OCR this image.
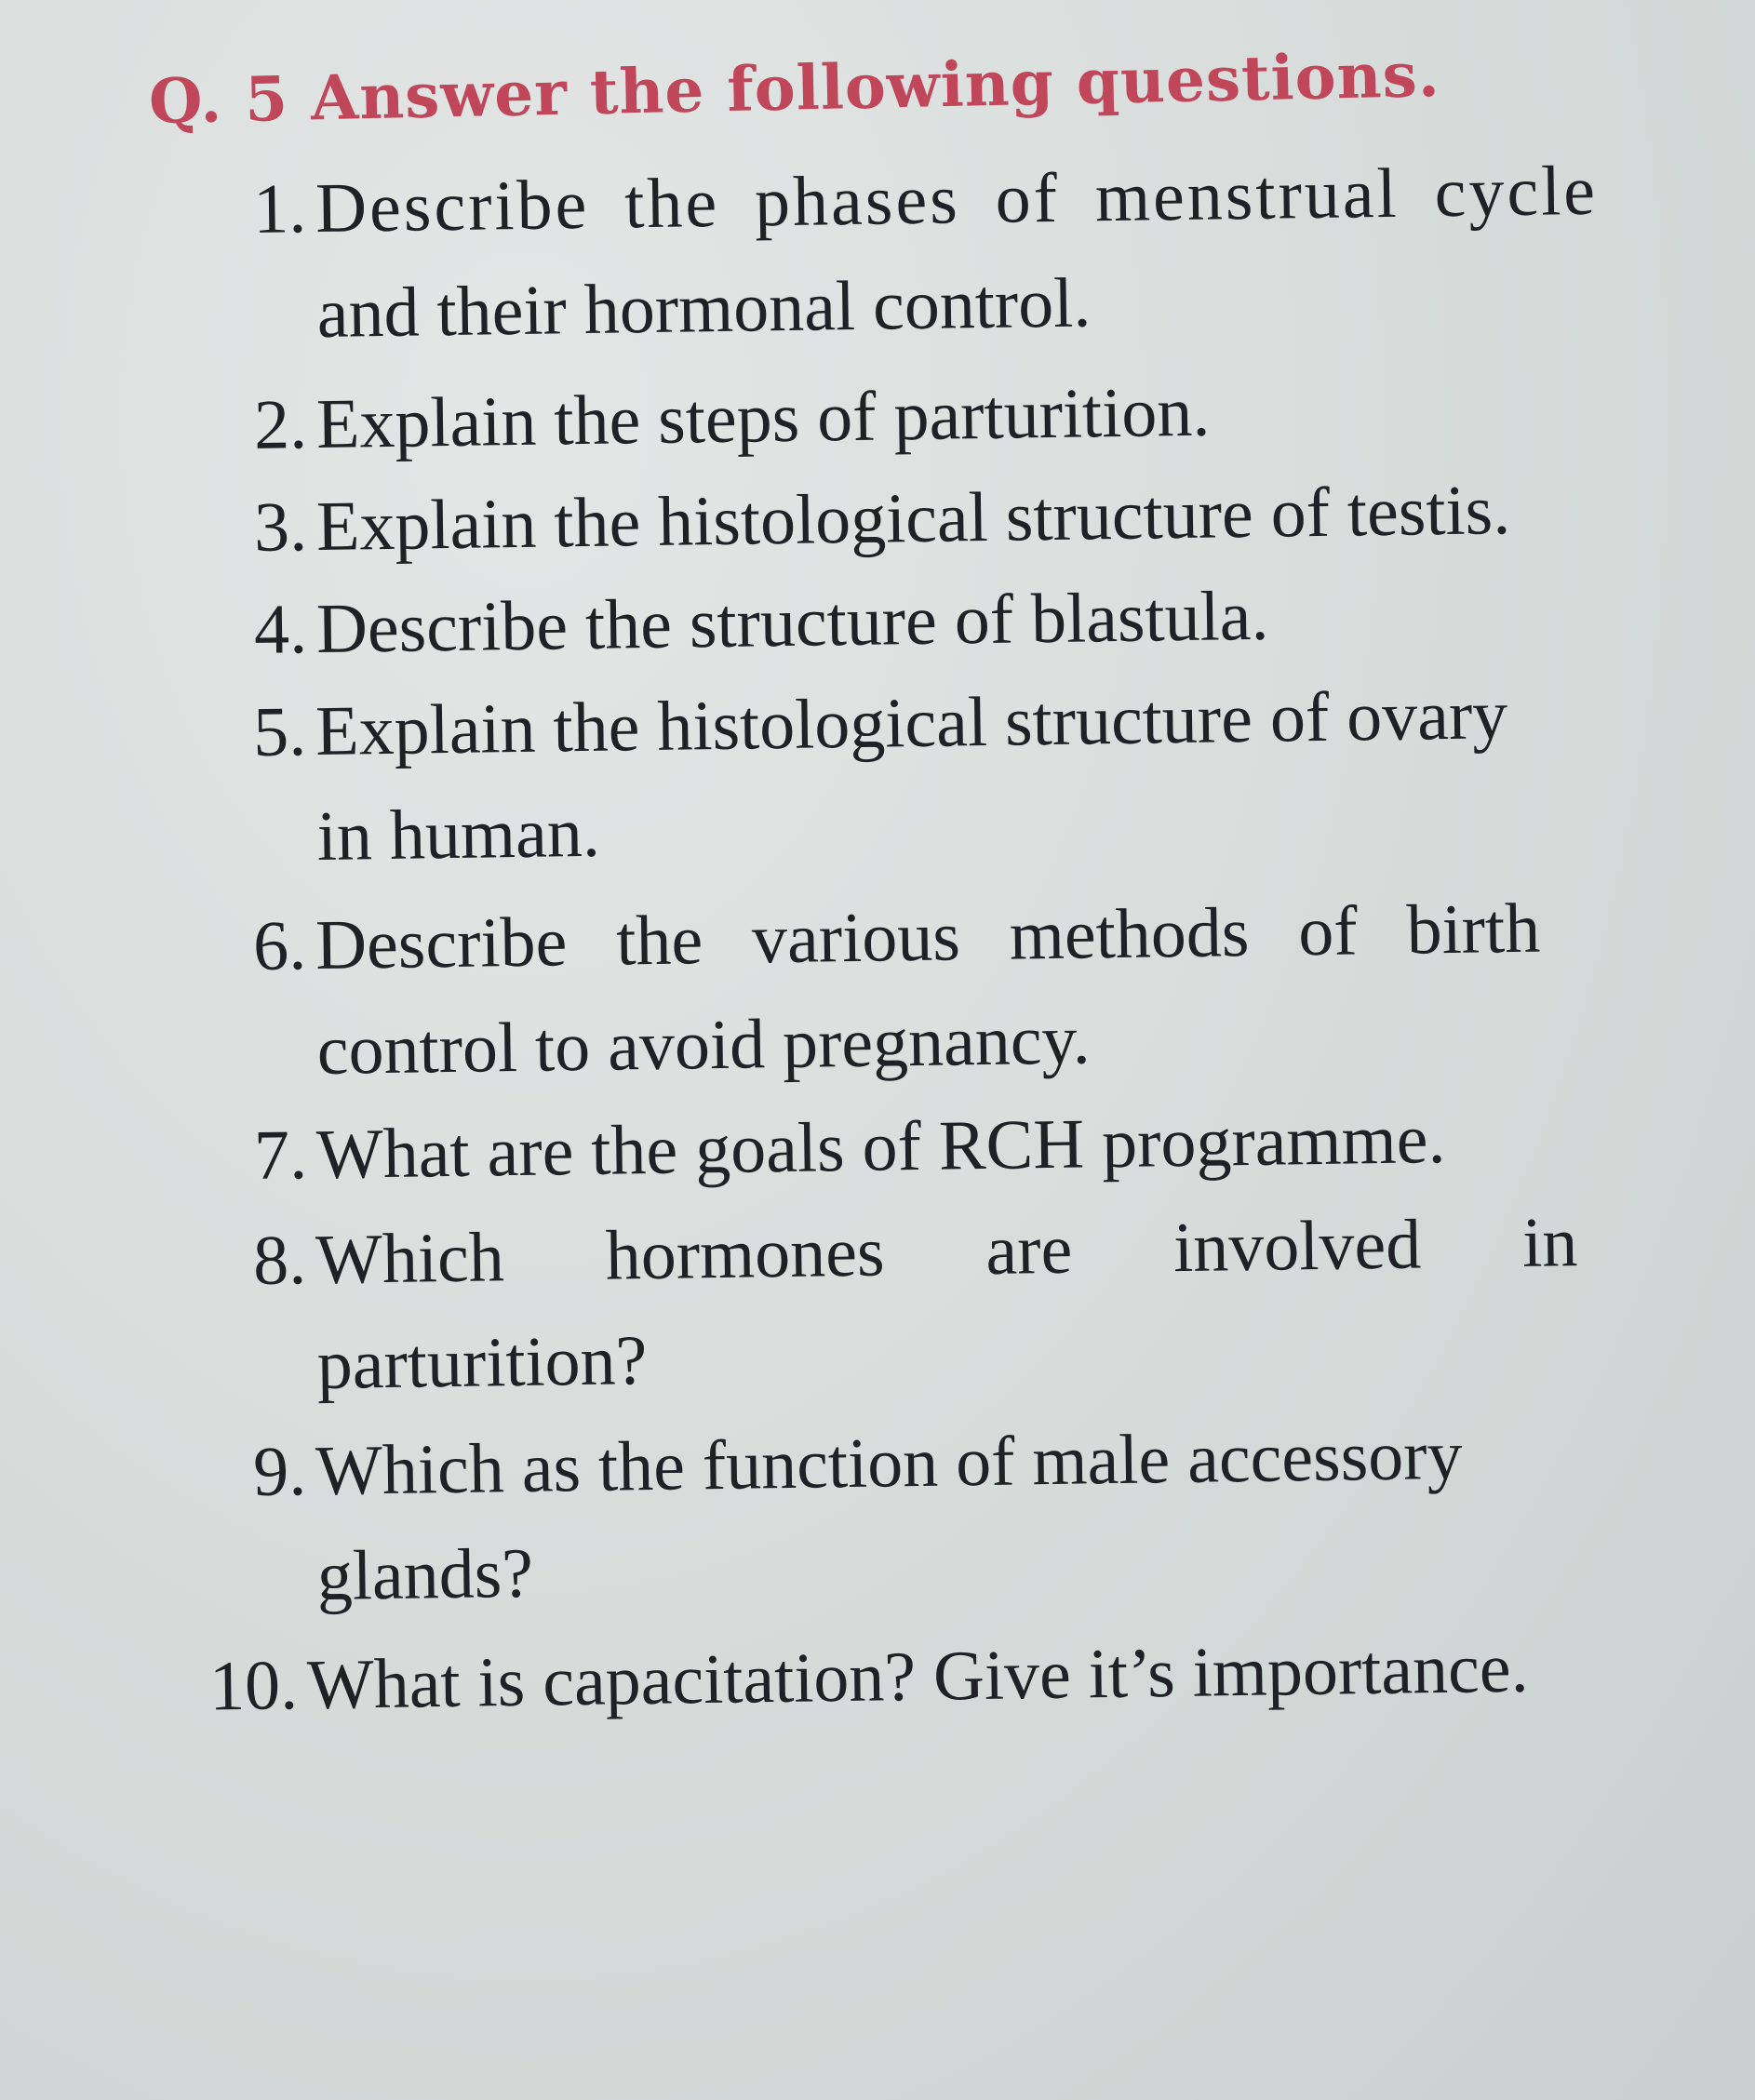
Q. 5 Answer the following questions.
1. Describe the phases of menstrual cycle
and their hormonal control.
2. Explain the steps of parturition.
3. Explain the histological structure of testis.
4. Describe the structure of blastula.
5. Explain the histological structure of ovary
in human.
6. Describe the various methods of birth
control to avoid pregnancy.
7. What are the goals of RCH programme.
8. Which hormones are involved in
parturition?
9. Which as the function of male accessory
glands?
10. What is capacitation? Give it’s importance.
